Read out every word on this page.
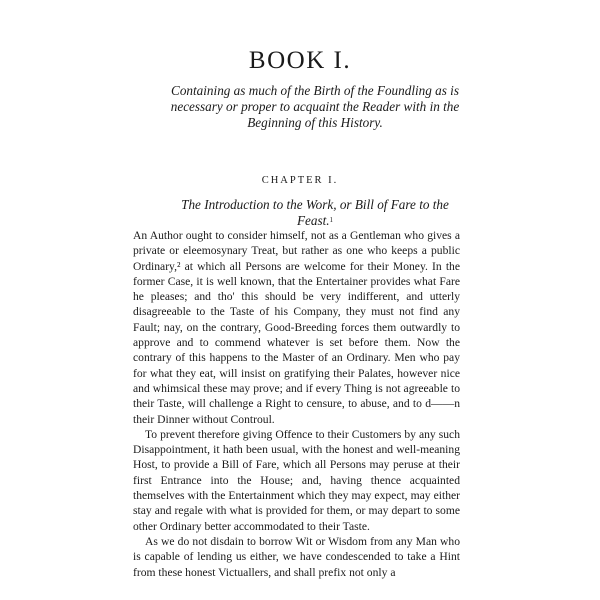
BOOK I.
Containing as much of the Birth of the Foundling as is necessary or proper to acquaint the Reader with in the Beginning of this History.
CHAPTER I.
The Introduction to the Work, or Bill of Fare to the Feast.$^1$

An Author ought to consider himself, not as a Gentleman who gives a private or eleemosynary Treat, but rather as one who keeps a public Ordinary,² at which all Persons are welcome for their Money. In the former Case, it is well known, that the Entertainer provides what Fare he pleases; and tho' this should be very indifferent, and utterly disagreeable to the Taste of his Company, they must not find any Fault; nay, on the contrary, Good-Breeding forces them outwardly to approve and to commend whatever is set before them. Now the contrary of this happens to the Master of an Ordinary. Men who pay for what they eat, will insist on gratifying their Palates, however nice and whimsical these may prove; and if every Thing is not agreeable to their Taste, will challenge a Right to censure, to abuse, and to d——n their Dinner without Controul.

To prevent therefore giving Offence to their Customers by any such Disappointment, it hath been usual, with the honest and well-meaning Host, to provide a Bill of Fare, which all Persons may peruse at their first Entrance into the House; and, having thence acquainted themselves with the Entertainment which they may expect, may either stay and regale with what is provided for them, or may depart to some other Ordinary better accommodated to their Taste.

As we do not disdain to borrow Wit or Wisdom from any Man who is capable of lending us either, we have condescended to take a Hint from these honest Victuallers, and shall prefix not only a
